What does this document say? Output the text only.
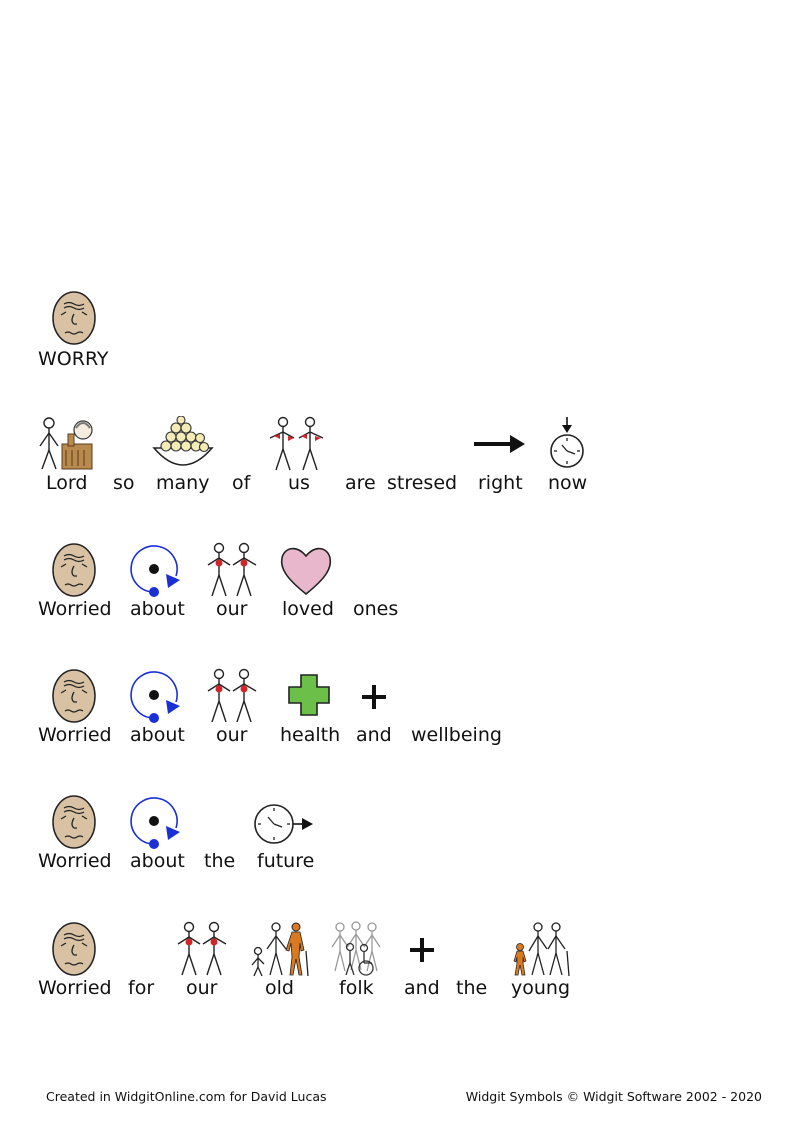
WORRY
Lord so many of us are stresed right now
Worried about our loved ones
Worried about our health and wellbeing
Worried about the future
Worried for our	old folk and the young
Created in WidgitOnline.com for David Lucas	Widgit Symbols © Widgit Software 2002 - 2020
